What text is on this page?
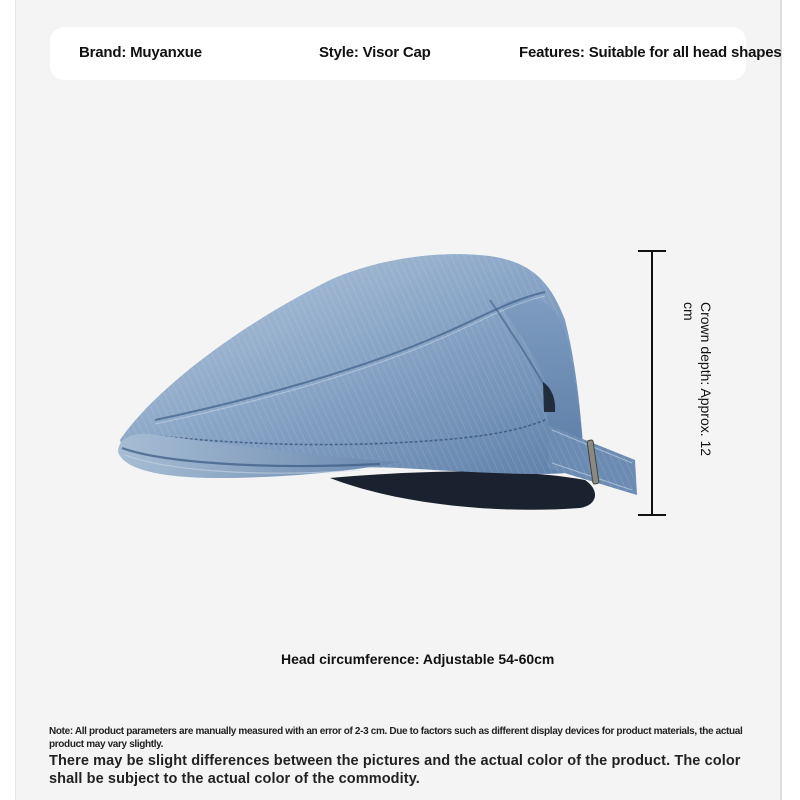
Brand: Muyanxue	Style: Visor Cap	Features: Suitable for all head shapes
Crown depth: Approx. 12 cm
Head circumference: Adjustable 54-60cm
Note: All product parameters are manually measured with an error of 2-3 cm. Due to factors such as different display devices for product materials, the actual product may vary slightly.
There may be slight differences between the pictures and the actual color of the product. The color shall be subject to the actual color of the commodity.
